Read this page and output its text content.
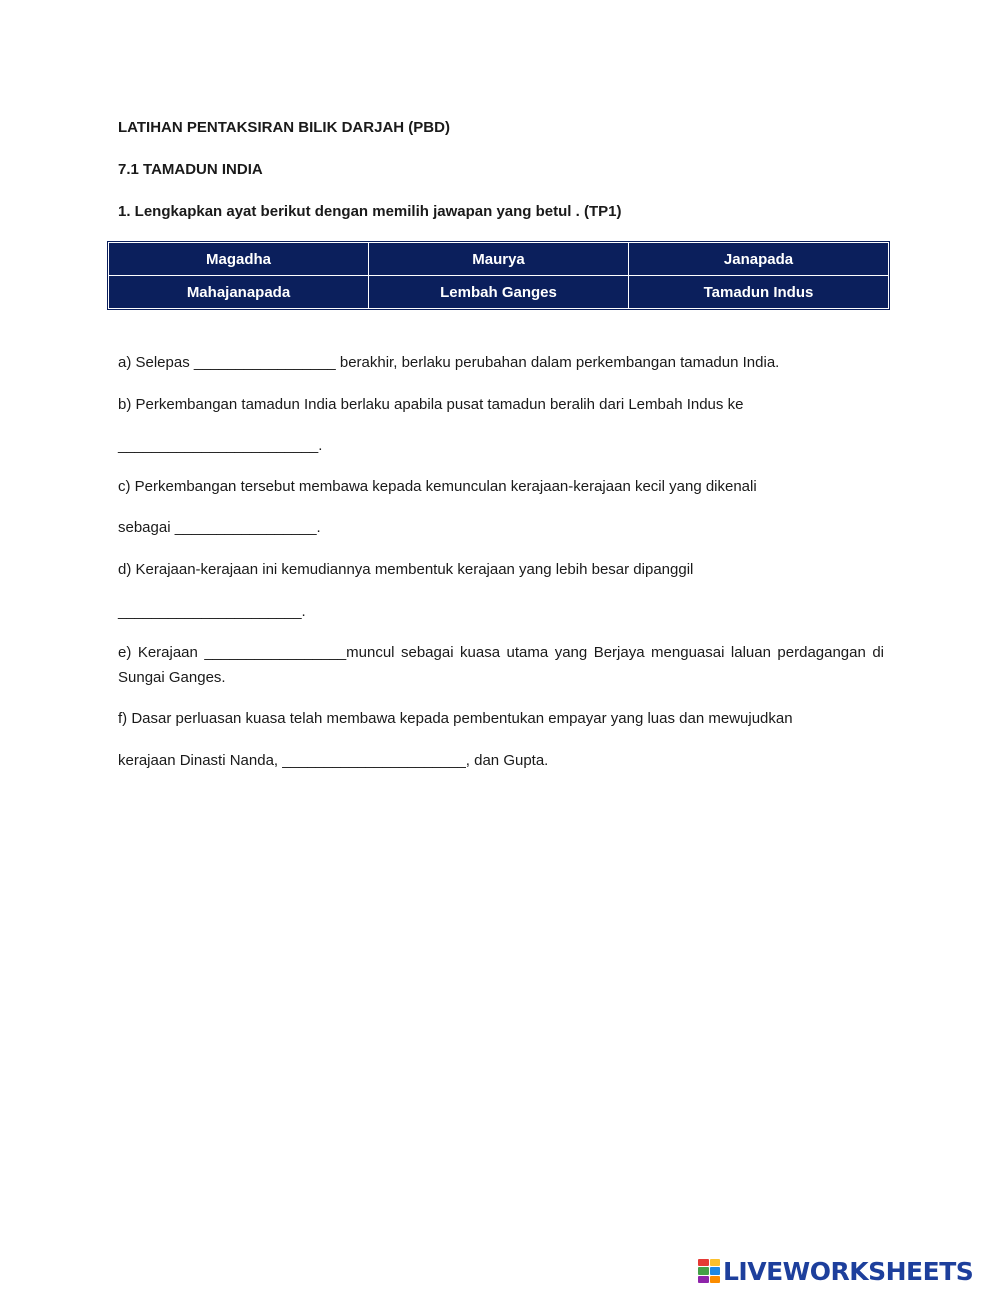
LATIHAN PENTAKSIRAN BILIK DARJAH (PBD)
7.1 TAMADUN INDIA
1. Lengkapkan ayat berikut dengan memilih jawapan yang betul . (TP1)
Magadha	Maurya	Janapada
Mahajanapada	Lembah Ganges	Tamadun Indus
a) Selepas _________________ berakhir, berlaku perubahan dalam perkembangan tamadun India.
b) Perkembangan tamadun India berlaku apabila pusat tamadun beralih dari Lembah Indus ke
________________________.
c) Perkembangan tersebut membawa kepada kemunculan kerajaan-kerajaan kecil yang dikenali
sebagai _________________.
d) Kerajaan-kerajaan ini kemudiannya membentuk kerajaan yang lebih besar dipanggil
______________________.
e) Kerajaan _________________muncul sebagai kuasa utama yang Berjaya menguasai laluan perdagangan di Sungai Ganges.
f) Dasar perluasan kuasa telah membawa kepada pembentukan empayar yang luas dan mewujudkan
kerajaan Dinasti Nanda, ______________________, dan Gupta.
LIVEWORKSHEETS
